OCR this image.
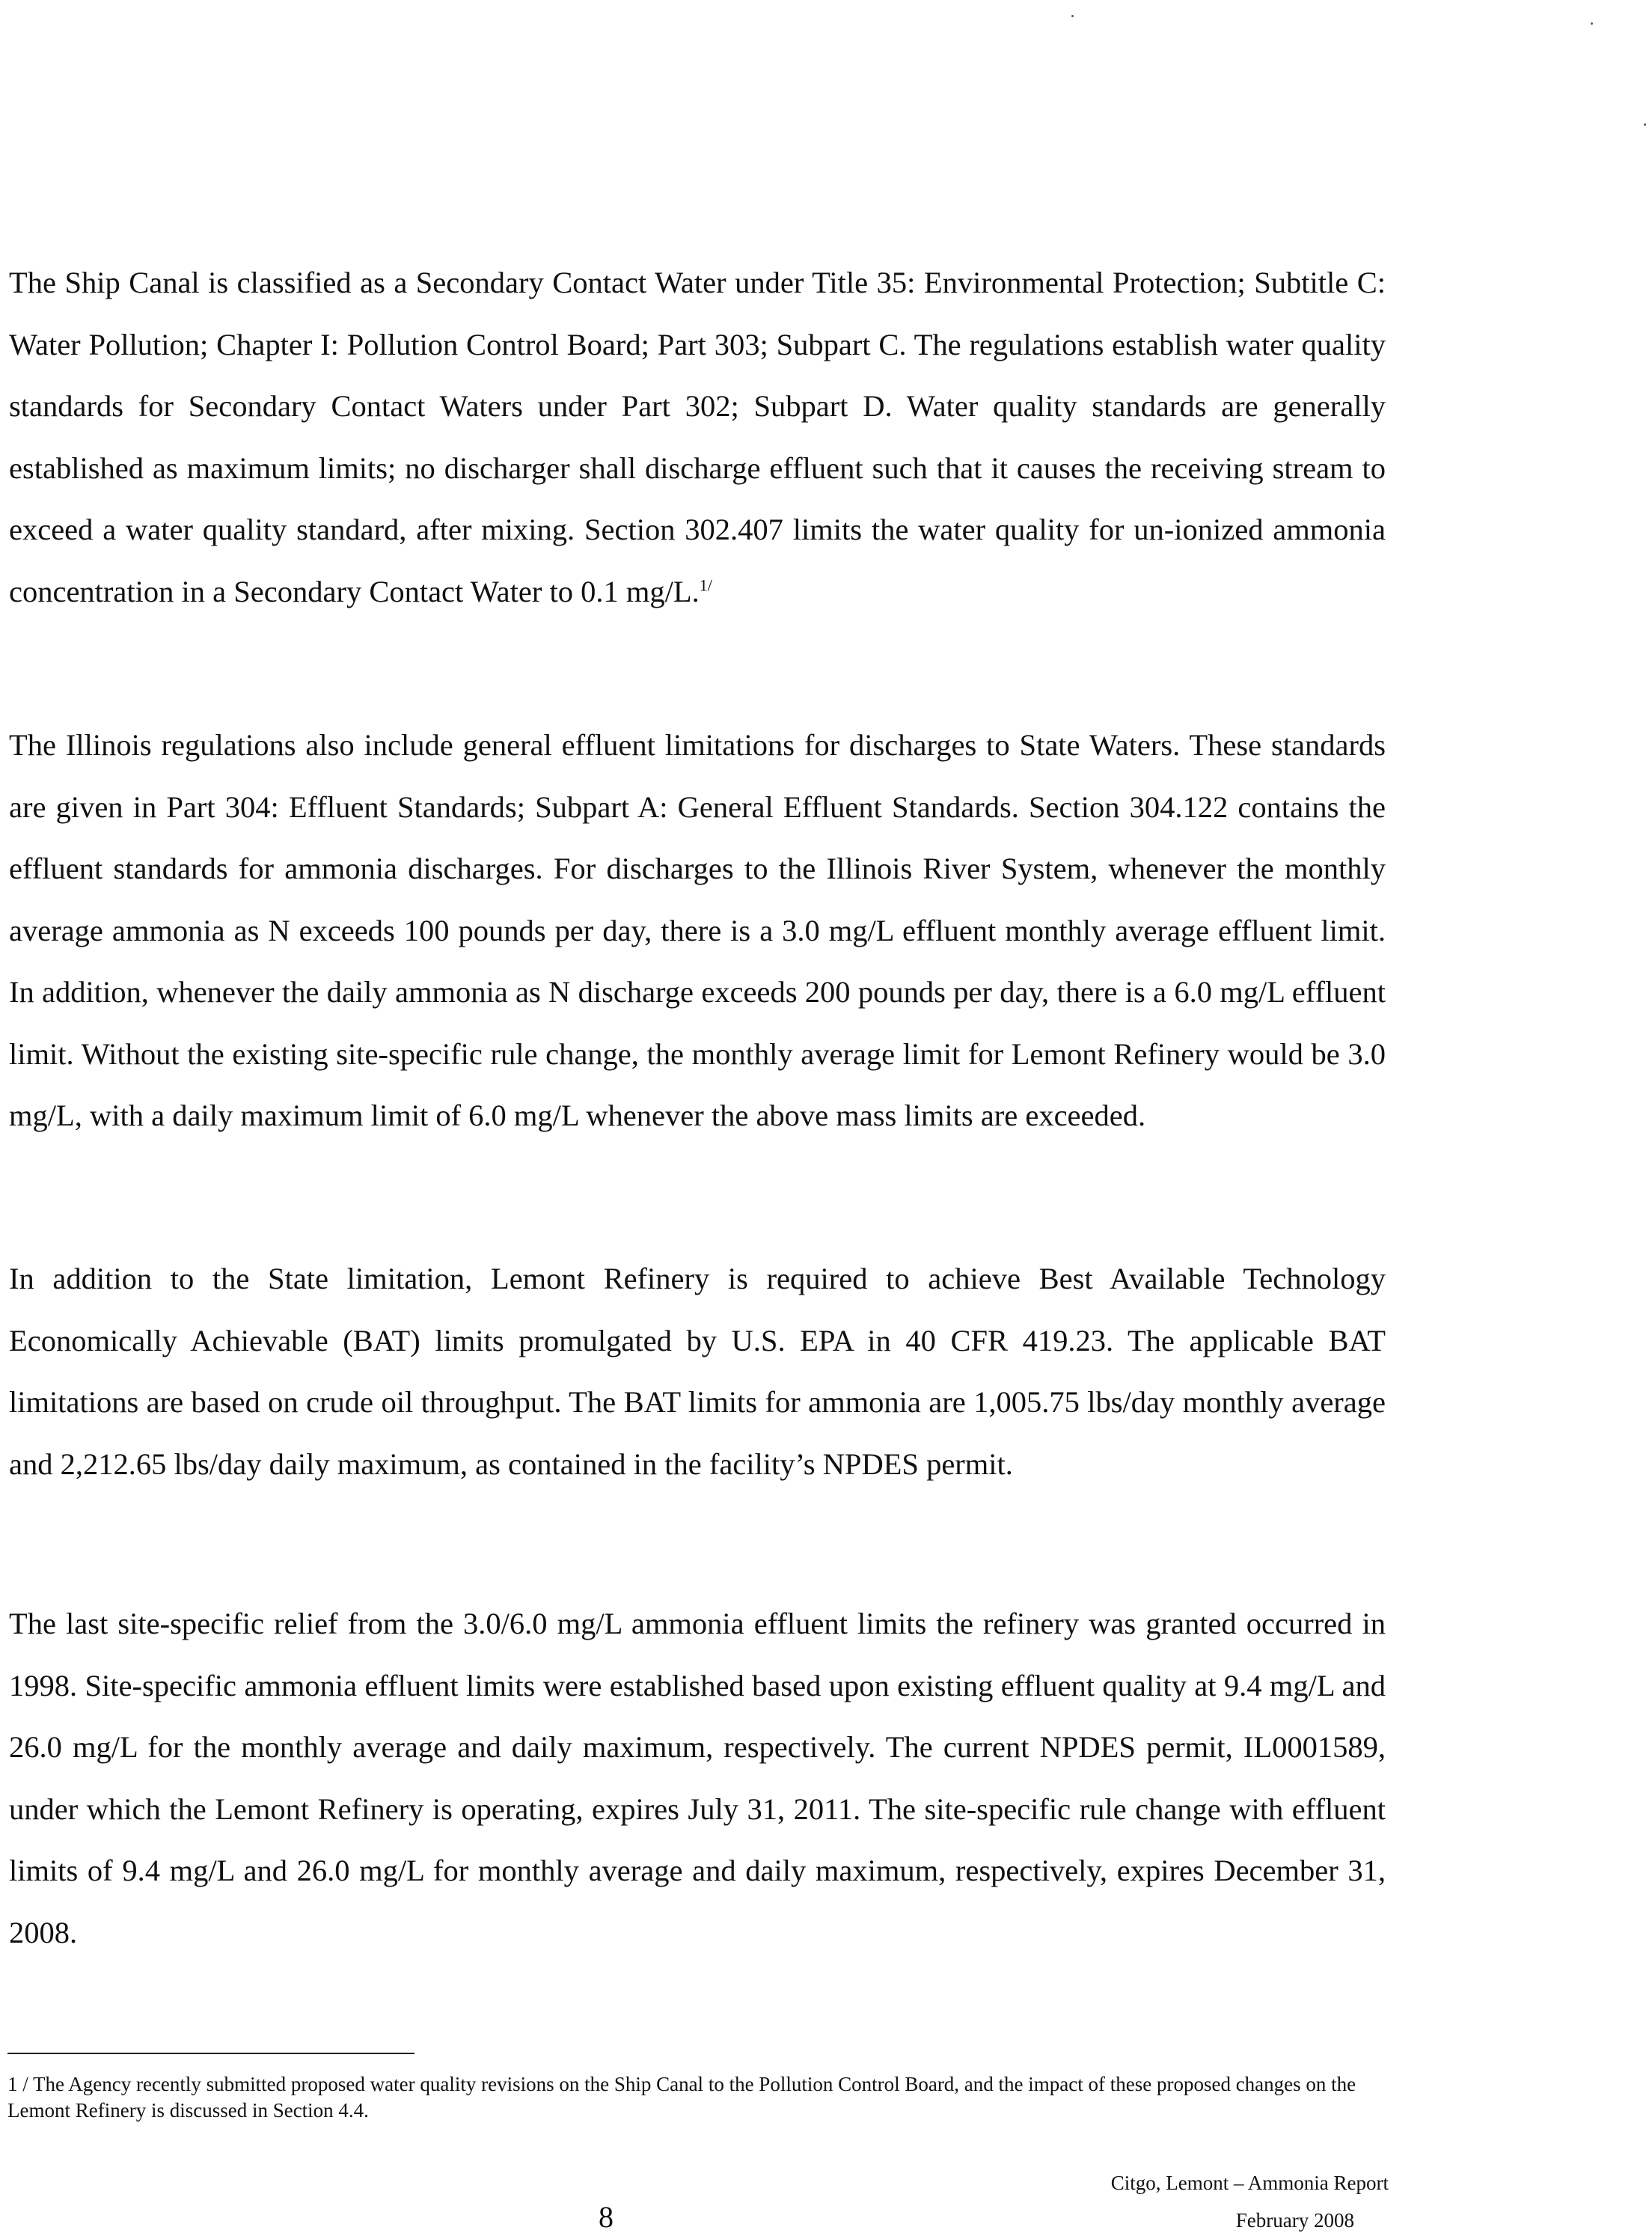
The Ship Canal is classified as a Secondary Contact Water under Title 35: Environmental Protection; Subtitle C: Water Pollution; Chapter I: Pollution Control Board; Part 303; Subpart C. The regulations establish water quality standards for Secondary Contact Waters under Part 302; Subpart D. Water quality standards are generally established as maximum limits; no discharger shall discharge effluent such that it causes the receiving stream to exceed a water quality standard, after mixing. Section 302.407 limits the water quality for un-ionized ammonia concentration in a Secondary Contact Water to 0.1 mg/L.$^{1/}$

The Illinois regulations also include general effluent limitations for discharges to State Waters. These standards are given in Part 304: Effluent Standards; Subpart A: General Effluent Standards. Section 304.122 contains the effluent standards for ammonia discharges. For discharges to the Illinois River System, whenever the monthly average ammonia as N exceeds 100 pounds per day, there is a 3.0 mg/L effluent monthly average effluent limit. In addition, whenever the daily ammonia as N discharge exceeds 200 pounds per day, there is a 6.0 mg/L effluent limit. Without the existing site-specific rule change, the monthly average limit for Lemont Refinery would be 3.0 mg/L, with a daily maximum limit of 6.0 mg/L whenever the above mass limits are exceeded.

In addition to the State limitation, Lemont Refinery is required to achieve Best Available Technology Economically Achievable (BAT) limits promulgated by U.S. EPA in 40 CFR 419.23. The applicable BAT limitations are based on crude oil throughput. The BAT limits for ammonia are 1,005.75 lbs/day monthly average and 2,212.65 lbs/day daily maximum, as contained in the facility’s NPDES permit.

The last site-specific relief from the 3.0/6.0 mg/L ammonia effluent limits the refinery was granted occurred in 1998. Site-specific ammonia effluent limits were established based upon existing effluent quality at 9.4 mg/L and 26.0 mg/L for the monthly average and daily maximum, respectively. The current NPDES permit, IL0001589, under which the Lemont Refinery is operating, expires July 31, 2011. The site-specific rule change with effluent limits of 9.4 mg/L and 26.0 mg/L for monthly average and daily maximum, respectively, expires December 31, 2008.

1 / The Agency recently submitted proposed water quality revisions on the Ship Canal to the Pollution Control Board, and the impact of these proposed changes on the Lemont Refinery is discussed in Section 4.4.

8
Citgo, Lemont – Ammonia Report
February 2008
